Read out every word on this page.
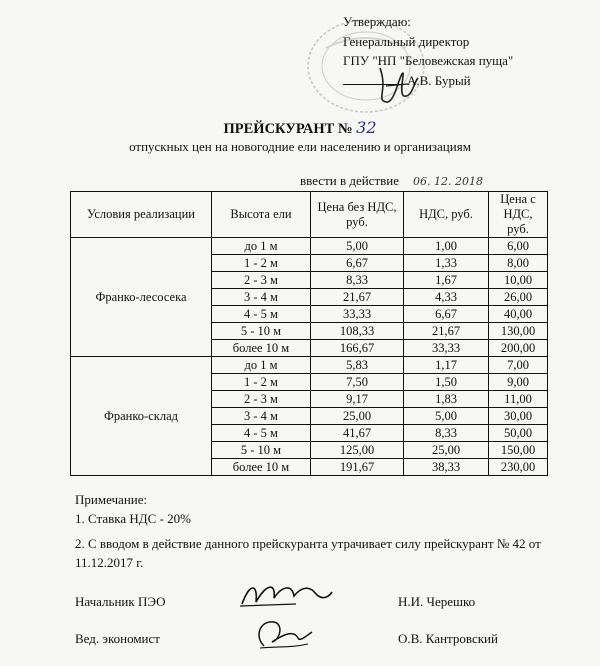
Утверждаю:
Генеральный директор
ГПУ "НП "Беловежская пуща"
А.В. Бурый
ПРЕЙСКУРАНТ № 32
отпускных цен на новогодние ели населению и организациям
ввести в действие 06. 12. 2018
Условия реализации	Высота ели	Цена без НДС, руб.	НДС, руб.	Цена с НДС, руб.
Франко-лесосека	до 1 м	5,00	1,00	6,00
	1 - 2 м	6,67	1,33	8,00
	2 - 3 м	8,33	1,67	10,00
	3 - 4 м	21,67	4,33	26,00
	4 - 5 м	33,33	6,67	40,00
	5 - 10 м	108,33	21,67	130,00
	более 10 м	166,67	33,33	200,00
Франко-склад	до 1 м	5,83	1,17	7,00
	1 - 2 м	7,50	1,50	9,00
	2 - 3 м	9,17	1,83	11,00
	3 - 4 м	25,00	5,00	30,00
	4 - 5 м	41,67	8,33	50,00
	5 - 10 м	125,00	25,00	150,00
	более 10 м	191,67	38,33	230,00
Примечание:
1. Ставка НДС - 20%
2. С вводом в действие данного прейскуранта утрачивает силу прейскурант № 42 от 11.12.2017 г.
Начальник ПЭО	Н.И. Черешко
Вед. экономист	О.В. Кантровский
